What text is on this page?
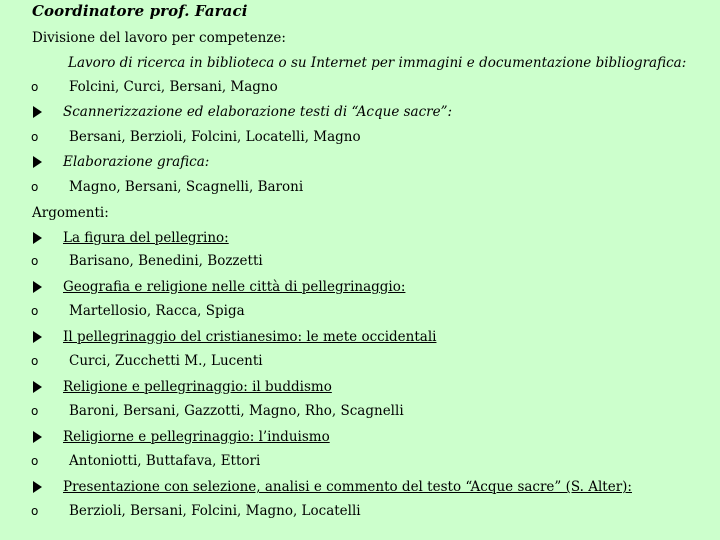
Coordinatore prof. Faraci
Divisione del lavoro per competenze:
Lavoro di ricerca in biblioteca o su Internet per immagini e documentazione bibliografica:
o	Folcini, Curci, Bersani, Magno
Scannerizzazione ed elaborazione testi di “Acque sacre”:
o	Bersani, Berzioli, Folcini, Locatelli, Magno
Elaborazione grafica:
o	Magno, Bersani, Scagnelli, Baroni
Argomenti:
La figura del pellegrino:
o	Barisano, Benedini, Bozzetti
Geografia e religione nelle città di pellegrinaggio:
o	Martellosio, Racca, Spiga
Il pellegrinaggio del cristianesimo: le mete occidentali
o	Curci, Zucchetti M., Lucenti
Religione e pellegrinaggio: il buddismo
o	Baroni, Bersani, Gazzotti, Magno, Rho, Scagnelli
Religiorne e pellegrinaggio: l’induismo
o	Antoniotti, Buttafava, Ettori
Presentazione con selezione, analisi e commento del testo “Acque sacre” (S. Alter):
o	Berzioli, Bersani, Folcini, Magno, Locatelli
